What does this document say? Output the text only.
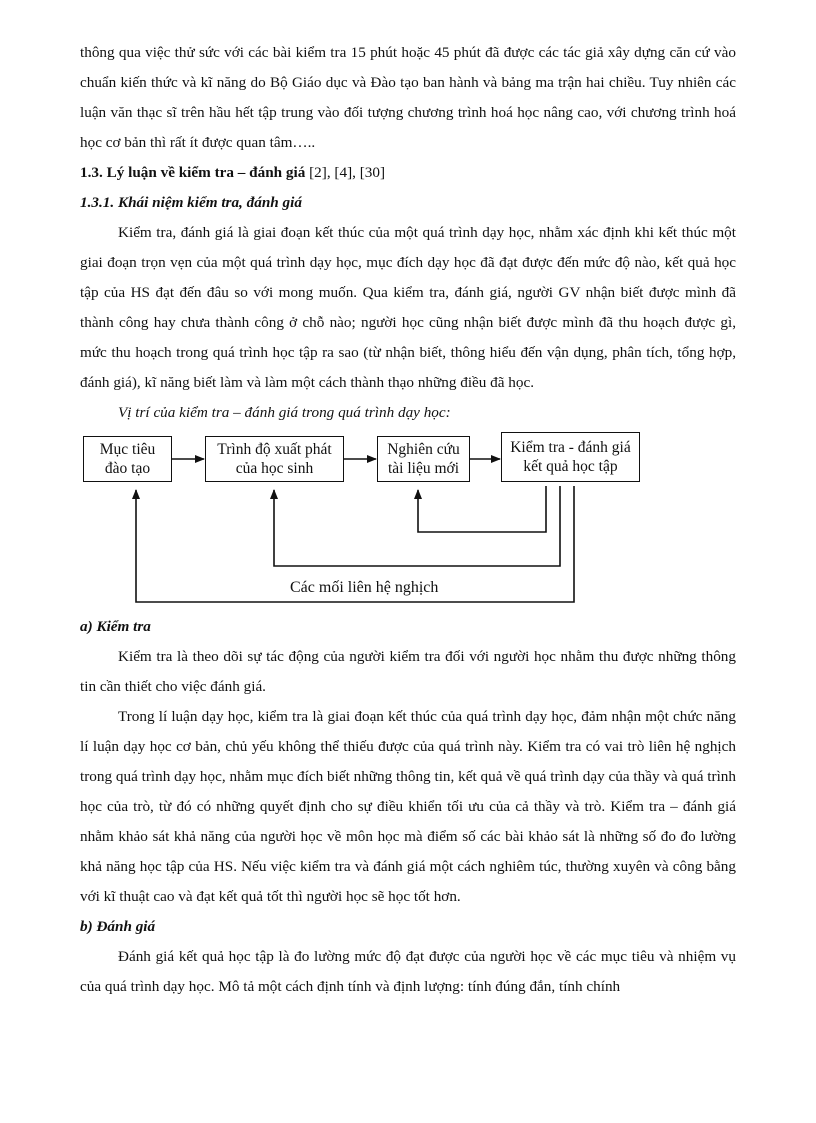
thông qua việc thử sức với các bài kiểm tra 15 phút hoặc 45 phút đã được các tác giả xây dựng căn cứ vào chuẩn kiến thức và kĩ năng do Bộ Giáo dục và Đào tạo ban hành và bảng ma trận hai chiều. Tuy nhiên các luận văn thạc sĩ trên hầu hết tập trung vào đối tượng chương trình hoá học nâng cao, với chương trình hoá học cơ bản thì rất ít được quan tâm…..

1.3. Lý luận về kiểm tra – đánh giá [2], [4], [30]

1.3.1. Khái niệm kiểm tra, đánh giá

Kiểm tra, đánh giá là giai đoạn kết thúc của một quá trình dạy học, nhằm xác định khi kết thúc một giai đoạn trọn vẹn của một quá trình dạy học, mục đích dạy học đã đạt được đến mức độ nào, kết quả học tập của HS đạt đến đâu so với mong muốn. Qua kiểm tra, đánh giá, người GV nhận biết được mình đã thành công hay chưa thành công ở chỗ nào; người học cũng nhận biết được mình đã thu hoạch được gì, mức thu hoạch trong quá trình học tập ra sao (từ nhận biết, thông hiểu đến vận dụng, phân tích, tổng hợp, đánh giá), kĩ năng biết làm và làm một cách thành thạo những điều đã học.

Vị trí của kiểm tra – đánh giá trong quá trình dạy học:

Mục tiêu
đào tạo
Trình độ xuất phát
của học sinh
Nghiên cứu
tài liệu mới
Kiểm tra - đánh giá
kết quả học tập
Các mối liên hệ nghịch

a) Kiểm tra

Kiểm tra là theo dõi sự tác động của người kiểm tra đối với người học nhằm thu được những thông tin cần thiết cho việc đánh giá.

Trong lí luận dạy học, kiểm tra là giai đoạn kết thúc của quá trình dạy học, đảm nhận một chức năng lí luận dạy học cơ bản, chủ yếu không thể thiếu được của quá trình này. Kiểm tra có vai trò liên hệ nghịch trong quá trình dạy học, nhằm mục đích biết những thông tin, kết quả về quá trình dạy của thầy và quá trình học của trò, từ đó có những quyết định cho sự điều khiển tối ưu của cả thầy và trò. Kiểm tra – đánh giá nhằm khảo sát khả năng của người học về môn học mà điểm số các bài khảo sát là những số đo đo lường khả năng học tập của HS. Nếu việc kiểm tra và đánh giá một cách nghiêm túc, thường xuyên và công bằng với kĩ thuật cao và đạt kết quả tốt thì người học sẽ học tốt hơn.

b) Đánh giá

Đánh giá kết quả học tập là đo lường mức độ đạt được của người học về các mục tiêu và nhiệm vụ của quá trình dạy học. Mô tả một cách định tính và định lượng: tính đúng đắn, tính chính
